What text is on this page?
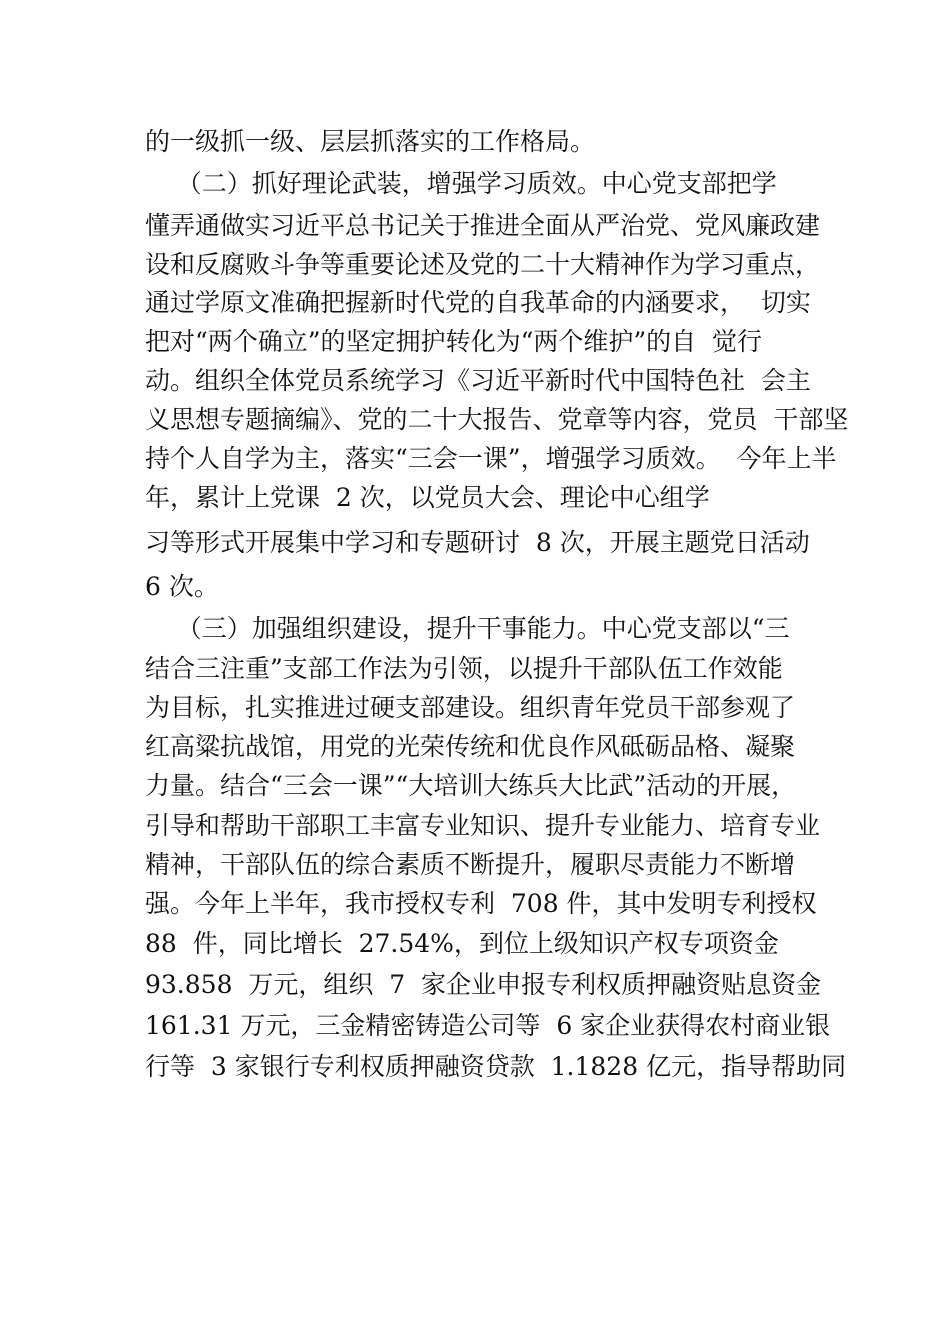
的一级抓一级、层层抓落实的工作格局。
（二）抓好理论武装，增强学习质效。中心党支部把学
懂弄通做实习近平总书记关于推进全面从严治党、党风廉政建
设和反腐败斗争等重要论述及党的二十大精神作为学习重点，
通过学原文准确把握新时代党的自我革命的内涵要求，  切实
把对“两个确立”的坚定拥护转化为“两个维护”的自  觉行
动。组织全体党员系统学习《习近平新时代中国特色社  会主
义思想专题摘编》、党的二十大报告、党章等内容，党员  干部坚
持个人自学为主，落实“三会一课”，增强学习质效。  今年上半
年，累计上党课  2 次，以党员大会、理论中心组学
习等形式开展集中学习和专题研讨  8 次，开展主题党日活动
6 次。
（三）加强组织建设，提升干事能力。中心党支部以“三
结合三注重”支部工作法为引领，以提升干部队伍工作效能
为目标，扎实推进过硬支部建设。组织青年党员干部参观了
红高粱抗战馆，用党的光荣传统和优良作风砥砺品格、凝聚
力量。结合“三会一课”“大培训大练兵大比武”活动的开展，
引导和帮助干部职工丰富专业知识、提升专业能力、培育专业
精神，干部队伍的综合素质不断提升，履职尽责能力不断增
强。今年上半年，我市授权专利  708 件，其中发明专利授权
88  件，同比增长  27.54%，到位上级知识产权专项资金
93.858  万元，组织  7  家企业申报专利权质押融资贴息资金
161.31 万元，三金精密铸造公司等  6 家企业获得农村商业银
行等  3 家银行专利权质押融资贷款  1.1828 亿元，指导帮助同
